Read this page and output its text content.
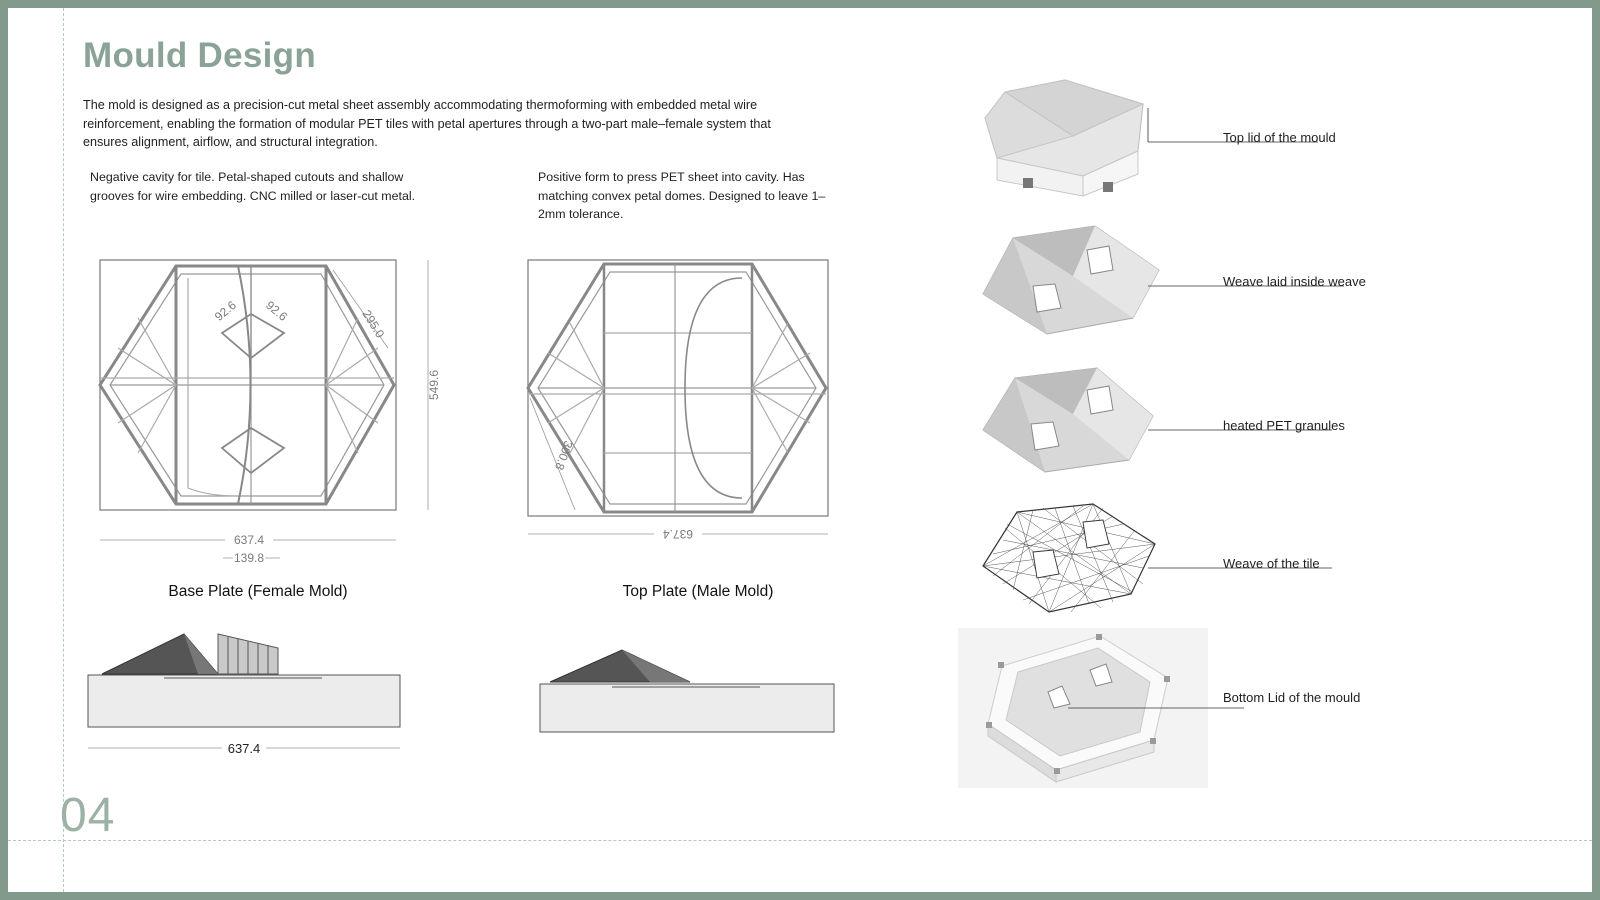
Mould Design
The mold is designed as a precision-cut metal sheet assembly accommodating thermoforming with embedded metal wire reinforcement, enabling the formation of modular PET tiles with petal apertures through a two-part male–female system that ensures alignment, airflow, and structural integration.
Negative cavity for tile. Petal-shaped cutouts and shallow grooves for wire embedding. CNC milled or laser-cut metal.
Positive form to press PET sheet into cavity. Has matching convex petal domes. Designed to leave 1–2mm tolerance.
637.4
139.8
549.6
295.0
92.6 92.6
637.4
300.8
Base Plate (Female Mold)	Top Plate (Male Mold)
637.4
Top lid of the mould
Weave laid inside weave
heated PET granules
Weave of the tile
Bottom Lid of the mould
04
